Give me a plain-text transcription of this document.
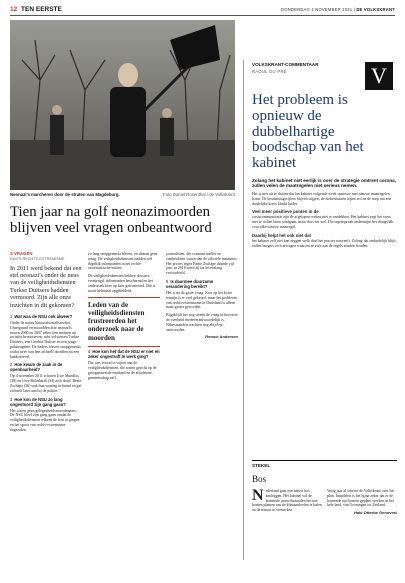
12 TEN EERSTE	DONDERDAG 4 NOVEMBER 2021 | DE VOLKSKRANT
Neonazi's marcheren door de straten van Magdeburg.	Foto Daniel Rosenthal / de Volkskrant
Tien jaar na golf neonazimoorden blijven veel vragen onbeantwoord
S VRAGEN
DUITS RECHTS-EXTREMISME
In 2011 werd bekend dat een stel neonazi's onder de neus van de veiligheidsdiensten Turkse Duitsers hadden vermoord. Zijn alle onze inzichten in dit gekomen?
1 Wat was de NSU ook alweer?

Onder de naam Nationalsozialistischer Untergrund vermoordden drie neonazi's tussen 2000 en 2007 zeker tien mensen uit racistische motieven: acht volwassen Turkse Duitsers, een Griekse Duitser en een jonge politieagente. De daders bleven onopgemerkt, totdat twee van hen zichzelf doodden na een bankoverval.

2 Hoe kwam de zaak in de openbaarheid?

Op 4 november 2011 schoten Uwe Mundlos (38) en Uwe Böhnhardt (34) zich dood. Beate Zschäpe (36) stak hun woning in brand en gaf zichzelf later aan bij de politie.

3 Hoe kon de NSU zo lang ongestoord zijn gang gaan?

Het waren geen gelegenheidsmoordenaars. De NSU bleef zijn gang gaan omdat de veiligheidsdiensten telkens de fout in gingen en het spoor van rechts-extremisme negeerden.

zo lang onopgemerkt bleven, en daarna geen terug. De veiligheidsdiensten hadden wel degelijk informanten in het rechts-extremistische milieu.

De veiligheidsdiensten hebben dossiers vernietigd, informanten beschermd en het onderzoek keer op keer gefrustreerd. Dat is nooit helemaal opgehelderd.

Leden van de veiligheidsdiensten frustreerden het onderzoek naar de moorden
4 Hoe kon het dat de NSU er niet en zeker ongestraft te werk ging?

Dat was vooral te wijten aan de veiligheidsdiensten, die waren gericht op de georganiseerde misdaad en de allochtone gemeenschap zelf.

journalisten, die constant sneller en vastbesloten waren dan de officiële instanties. Het proces tegen Beate Zschäpe duurde vijf jaar; in 2018 werd zij tot levenslang veroordeeld.

5 Is daarmee duurzame verandering bereikt?

Het is nu de grote vraag. Kort op het korte termijn is er veel gebeurd, maar het probleem van rechts-extremisme in Duitsland is alleen maar groter geworden.

Bijgeblijft het nog steeds de vraag in hoeverre de overheid medeverantwoordelijk is. Nabestaanden wachten nog altijd op antwoorden.

Remco Andersen
VOLKSKRANT-COMMENTAAR
RAOUL DU PRÉ	V
Het probleem is opnieuw de dubbelhartige boodschap van het kabinet
Zolang het kabinet niet eerlijk is over de strategie omtrent corona, zullen velen de maatregelen niet serieus nemen.

Het is niet uit te sluiten dat het kabinet volgende week opnieuw met nieuwe maatregelen komt. De besmettingscijfers blijven stijgen, de ziekenhuizen lopen vol en de roep om een duidelijke koers klinkt luider.

Veel meer positieve punten in de

crisiscommunicatie zijn de afgelopen weken niet te ontdekken. Het kabinet zegt het virus niet te willen laten rondgaan, maar doet het wel. Die tegenspraak ondermijnt het draagvlak voor elke nieuwe maatregel.

Daarbij helpt het ook niet dat

het kabinet zelf niet kan zeggen welk doel het precies nastreeft. Zolang dat onduidelijk blijft, zullen burgers zich afvragen waarom ze zich aan de regels zouden houden.

STEKEL
Bos
N ederland gaat een nieuw bos aanleggen. Het kabinet wil de komende jaren duizenden hectare bomen planten om de klimaatdoelen te halen en de natuur te versterken.

Vorig jaar al schreef de Volkskrant over het plan. Inmiddels is het bijna zeker dat er de komende tijd bomen geplant worden in het hele land, van Groningen tot Zeeland.

Haki Otterbe Genovesi
